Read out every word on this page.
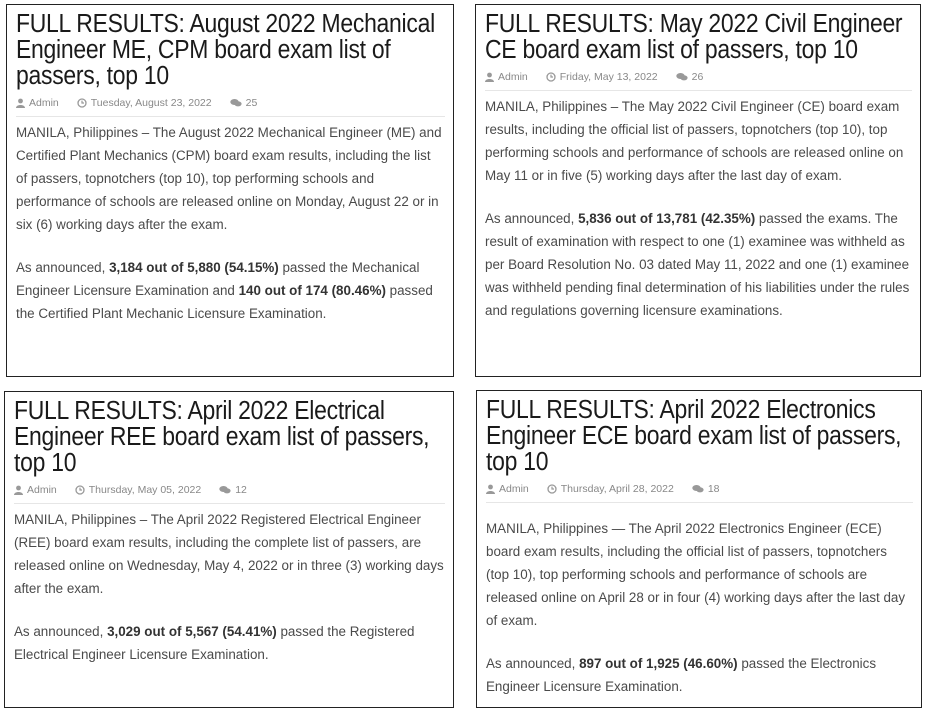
FULL RESULTS: August 2022 Mechanical Engineer ME, CPM board exam list of passers, top 10
Admin	Tuesday, August 23, 2022	25

MANILA, Philippines – The August 2022 Mechanical Engineer (ME) and Certified Plant Mechanics (CPM) board exam results, including the list of passers, topnotchers (top 10), top performing schools and performance of schools are released online on Monday, August 22 or in six (6) working days after the exam.

As announced, 3,184 out of 5,880 (54.15%) passed the Mechanical Engineer Licensure Examination and 140 out of 174 (80.46%) passed the Certified Plant Mechanic Licensure Examination.

FULL RESULTS: May 2022 Civil Engineer CE board exam list of passers, top 10
Admin	Friday, May 13, 2022	26

MANILA, Philippines – The May 2022 Civil Engineer (CE) board exam results, including the official list of passers, topnotchers (top 10), top performing schools and performance of schools are released online on May 11 or in five (5) working days after the last day of exam.

As announced, 5,836 out of 13,781 (42.35%) passed the exams. The result of examination with respect to one (1) examinee was withheld as per Board Resolution No. 03 dated May 11, 2022 and one (1) examinee was withheld pending final determination of his liabilities under the rules and regulations governing licensure examinations.

FULL RESULTS: April 2022 Electrical Engineer REE board exam list of passers, top 10
Admin	Thursday, May 05, 2022	12

MANILA, Philippines – The April 2022 Registered Electrical Engineer (REE) board exam results, including the complete list of passers, are released online on Wednesday, May 4, 2022 or in three (3) working days after the exam.

As announced, 3,029 out of 5,567 (54.41%) passed the Registered Electrical Engineer Licensure Examination.

FULL RESULTS: April 2022 Electronics Engineer ECE board exam list of passers, top 10
Admin	Thursday, April 28, 2022	18

MANILA, Philippines — The April 2022 Electronics Engineer (ECE) board exam results, including the official list of passers, topnotchers (top 10), top performing schools and performance of schools are released online on April 28 or in four (4) working days after the last day of exam.

As announced, 897 out of 1,925 (46.60%) passed the Electronics Engineer Licensure Examination.
